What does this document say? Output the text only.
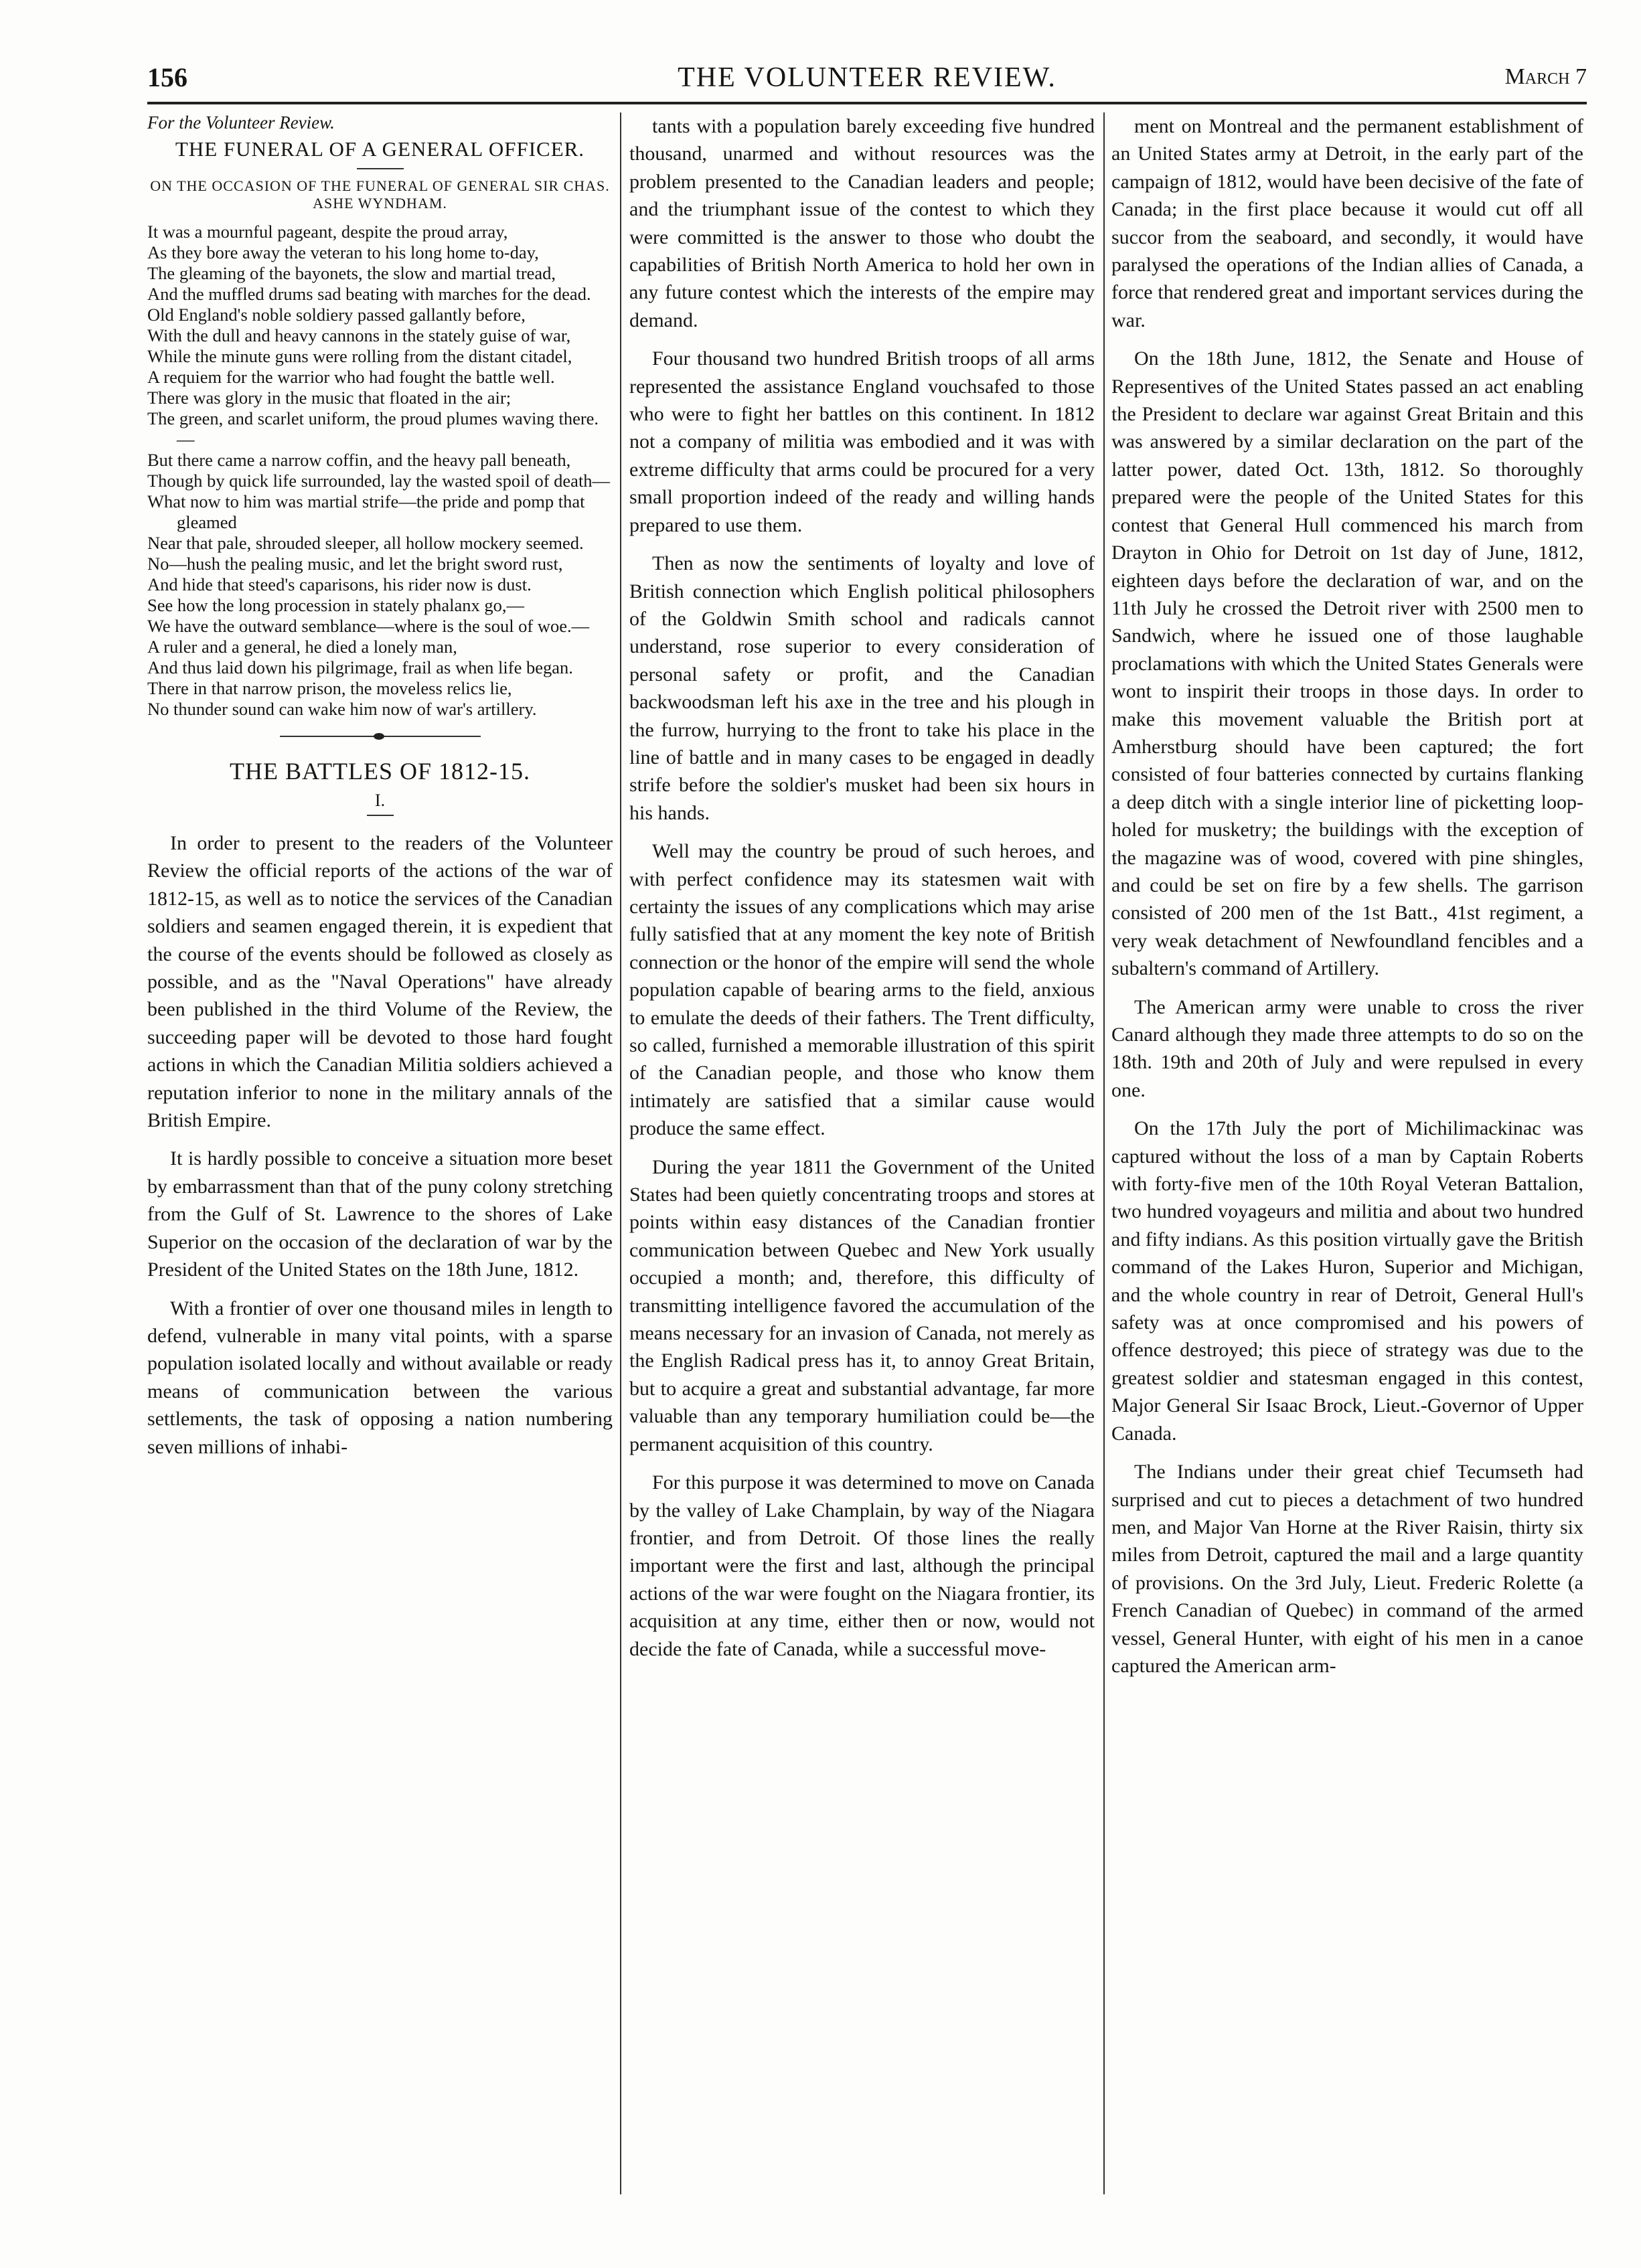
156	THE VOLUNTEER REVIEW.	March 7

For the Volunteer Review.

THE FUNERAL OF A GENERAL OFFICER.

ON THE OCCASION OF THE FUNERAL OF GENERAL SIR CHAS. ASHE WYNDHAM.

It was a mournful pageant, despite the proud array,

As they bore away the veteran to his long home to-day,

The gleaming of the bayonets, the slow and martial tread,

And the muffled drums sad beating with marches for the dead.

Old England's noble soldiery passed gallantly before,

With the dull and heavy cannons in the stately guise of war,

While the minute guns were rolling from the distant citadel,

A requiem for the warrior who had fought the battle well.

There was glory in the music that floated in the air;

The green, and scarlet uniform, the proud plumes waving there.—

But there came a narrow coffin, and the heavy pall beneath,

Though by quick life surrounded, lay the wasted spoil of death—

What now to him was martial strife—the pride and pomp that gleamed

Near that pale, shrouded sleeper, all hollow mockery seemed.

No—hush the pealing music, and let the bright sword rust,

And hide that steed's caparisons, his rider now is dust.

See how the long procession in stately phalanx go,—

We have the outward semblance—where is the soul of woe.—

A ruler and a general, he died a lonely man,

And thus laid down his pilgrimage, frail as when life began.

There in that narrow prison, the moveless relics lie,

No thunder sound can wake him now of war's artillery.

THE BATTLES OF 1812-15.

I.

In order to present to the readers of the Volunteer Review the official reports of the actions of the war of 1812-15, as well as to notice the services of the Canadian soldiers and seamen engaged therein, it is expedient that the course of the events should be followed as closely as possible, and as the "Naval Operations" have already been published in the third Volume of the Review, the succeeding paper will be devoted to those hard fought actions in which the Canadian Militia soldiers achieved a reputation inferior to none in the military annals of the British Empire.

It is hardly possible to conceive a situation more beset by embarrassment than that of the puny colony stretching from the Gulf of St. Lawrence to the shores of Lake Superior on the occasion of the declaration of war by the President of the United States on the 18th June, 1812.

With a frontier of over one thousand miles in length to defend, vulnerable in many vital points, with a sparse population isolated locally and without available or ready means of communication between the various settlements, the task of opposing a nation numbering seven millions of inhabi-

tants with a population barely exceeding five hundred thousand, unarmed and without resources was the problem presented to the Canadian leaders and people; and the triumphant issue of the contest to which they were committed is the answer to those who doubt the capabilities of British North America to hold her own in any future contest which the interests of the empire may demand.

Four thousand two hundred British troops of all arms represented the assistance England vouchsafed to those who were to fight her battles on this continent. In 1812 not a company of militia was embodied and it was with extreme difficulty that arms could be procured for a very small proportion indeed of the ready and willing hands prepared to use them.

Then as now the sentiments of loyalty and love of British connection which English political philosophers of the Goldwin Smith school and radicals cannot understand, rose superior to every consideration of personal safety or profit, and the Canadian backwoodsman left his axe in the tree and his plough in the furrow, hurrying to the front to take his place in the line of battle and in many cases to be engaged in deadly strife before the soldier's musket had been six hours in his hands.

Well may the country be proud of such heroes, and with perfect confidence may its statesmen wait with certainty the issues of any complications which may arise fully satisfied that at any moment the key note of British connection or the honor of the empire will send the whole population capable of bearing arms to the field, anxious to emulate the deeds of their fathers. The Trent difficulty, so called, furnished a memorable illustration of this spirit of the Canadian people, and those who know them intimately are satisfied that a similar cause would produce the same effect.

During the year 1811 the Government of the United States had been quietly concentrating troops and stores at points within easy distances of the Canadian frontier communication between Quebec and New York usually occupied a month; and, therefore, this difficulty of transmitting intelligence favored the accumulation of the means necessary for an invasion of Canada, not merely as the English Radical press has it, to annoy Great Britain, but to acquire a great and substantial advantage, far more valuable than any temporary humiliation could be—the permanent acquisition of this country.

For this purpose it was determined to move on Canada by the valley of Lake Champlain, by way of the Niagara frontier, and from Detroit. Of those lines the really important were the first and last, although the principal actions of the war were fought on the Niagara frontier, its acquisition at any time, either then or now, would not decide the fate of Canada, while a successful move-

ment on Montreal and the permanent establishment of an United States army at Detroit, in the early part of the campaign of 1812, would have been decisive of the fate of Canada; in the first place because it would cut off all succor from the seaboard, and secondly, it would have paralysed the operations of the Indian allies of Canada, a force that rendered great and important services during the war.

On the 18th June, 1812, the Senate and House of Representives of the United States passed an act enabling the President to declare war against Great Britain and this was answered by a similar declaration on the part of the latter power, dated Oct. 13th, 1812. So thoroughly prepared were the people of the United States for this contest that General Hull commenced his march from Drayton in Ohio for Detroit on 1st day of June, 1812, eighteen days before the declaration of war, and on the 11th July he crossed the Detroit river with 2500 men to Sandwich, where he issued one of those laughable proclamations with which the United States Generals were wont to inspirit their troops in those days. In order to make this movement valuable the British port at Amherstburg should have been captured; the fort consisted of four batteries connected by curtains flanking a deep ditch with a single interior line of picketting loop-holed for musketry; the buildings with the exception of the magazine was of wood, covered with pine shingles, and could be set on fire by a few shells. The garrison consisted of 200 men of the 1st Batt., 41st regiment, a very weak detachment of Newfoundland fencibles and a subaltern's command of Artillery.

The American army were unable to cross the river Canard although they made three attempts to do so on the 18th. 19th and 20th of July and were repulsed in every one.

On the 17th July the port of Michilimackinac was captured without the loss of a man by Captain Roberts with forty-five men of the 10th Royal Veteran Battalion, two hundred voyageurs and militia and about two hundred and fifty indians. As this position virtually gave the British command of the Lakes Huron, Superior and Michigan, and the whole country in rear of Detroit, General Hull's safety was at once compromised and his powers of offence destroyed; this piece of strategy was due to the greatest soldier and statesman engaged in this contest, Major General Sir Isaac Brock, Lieut.-Governor of Upper Canada.

The Indians under their great chief Tecumseth had surprised and cut to pieces a detachment of two hundred men, and Major Van Horne at the River Raisin, thirty six miles from Detroit, captured the mail and a large quantity of provisions. On the 3rd July, Lieut. Frederic Rolette (a French Canadian of Quebec) in command of the armed vessel, General Hunter, with eight of his men in a canoe captured the American arm-
